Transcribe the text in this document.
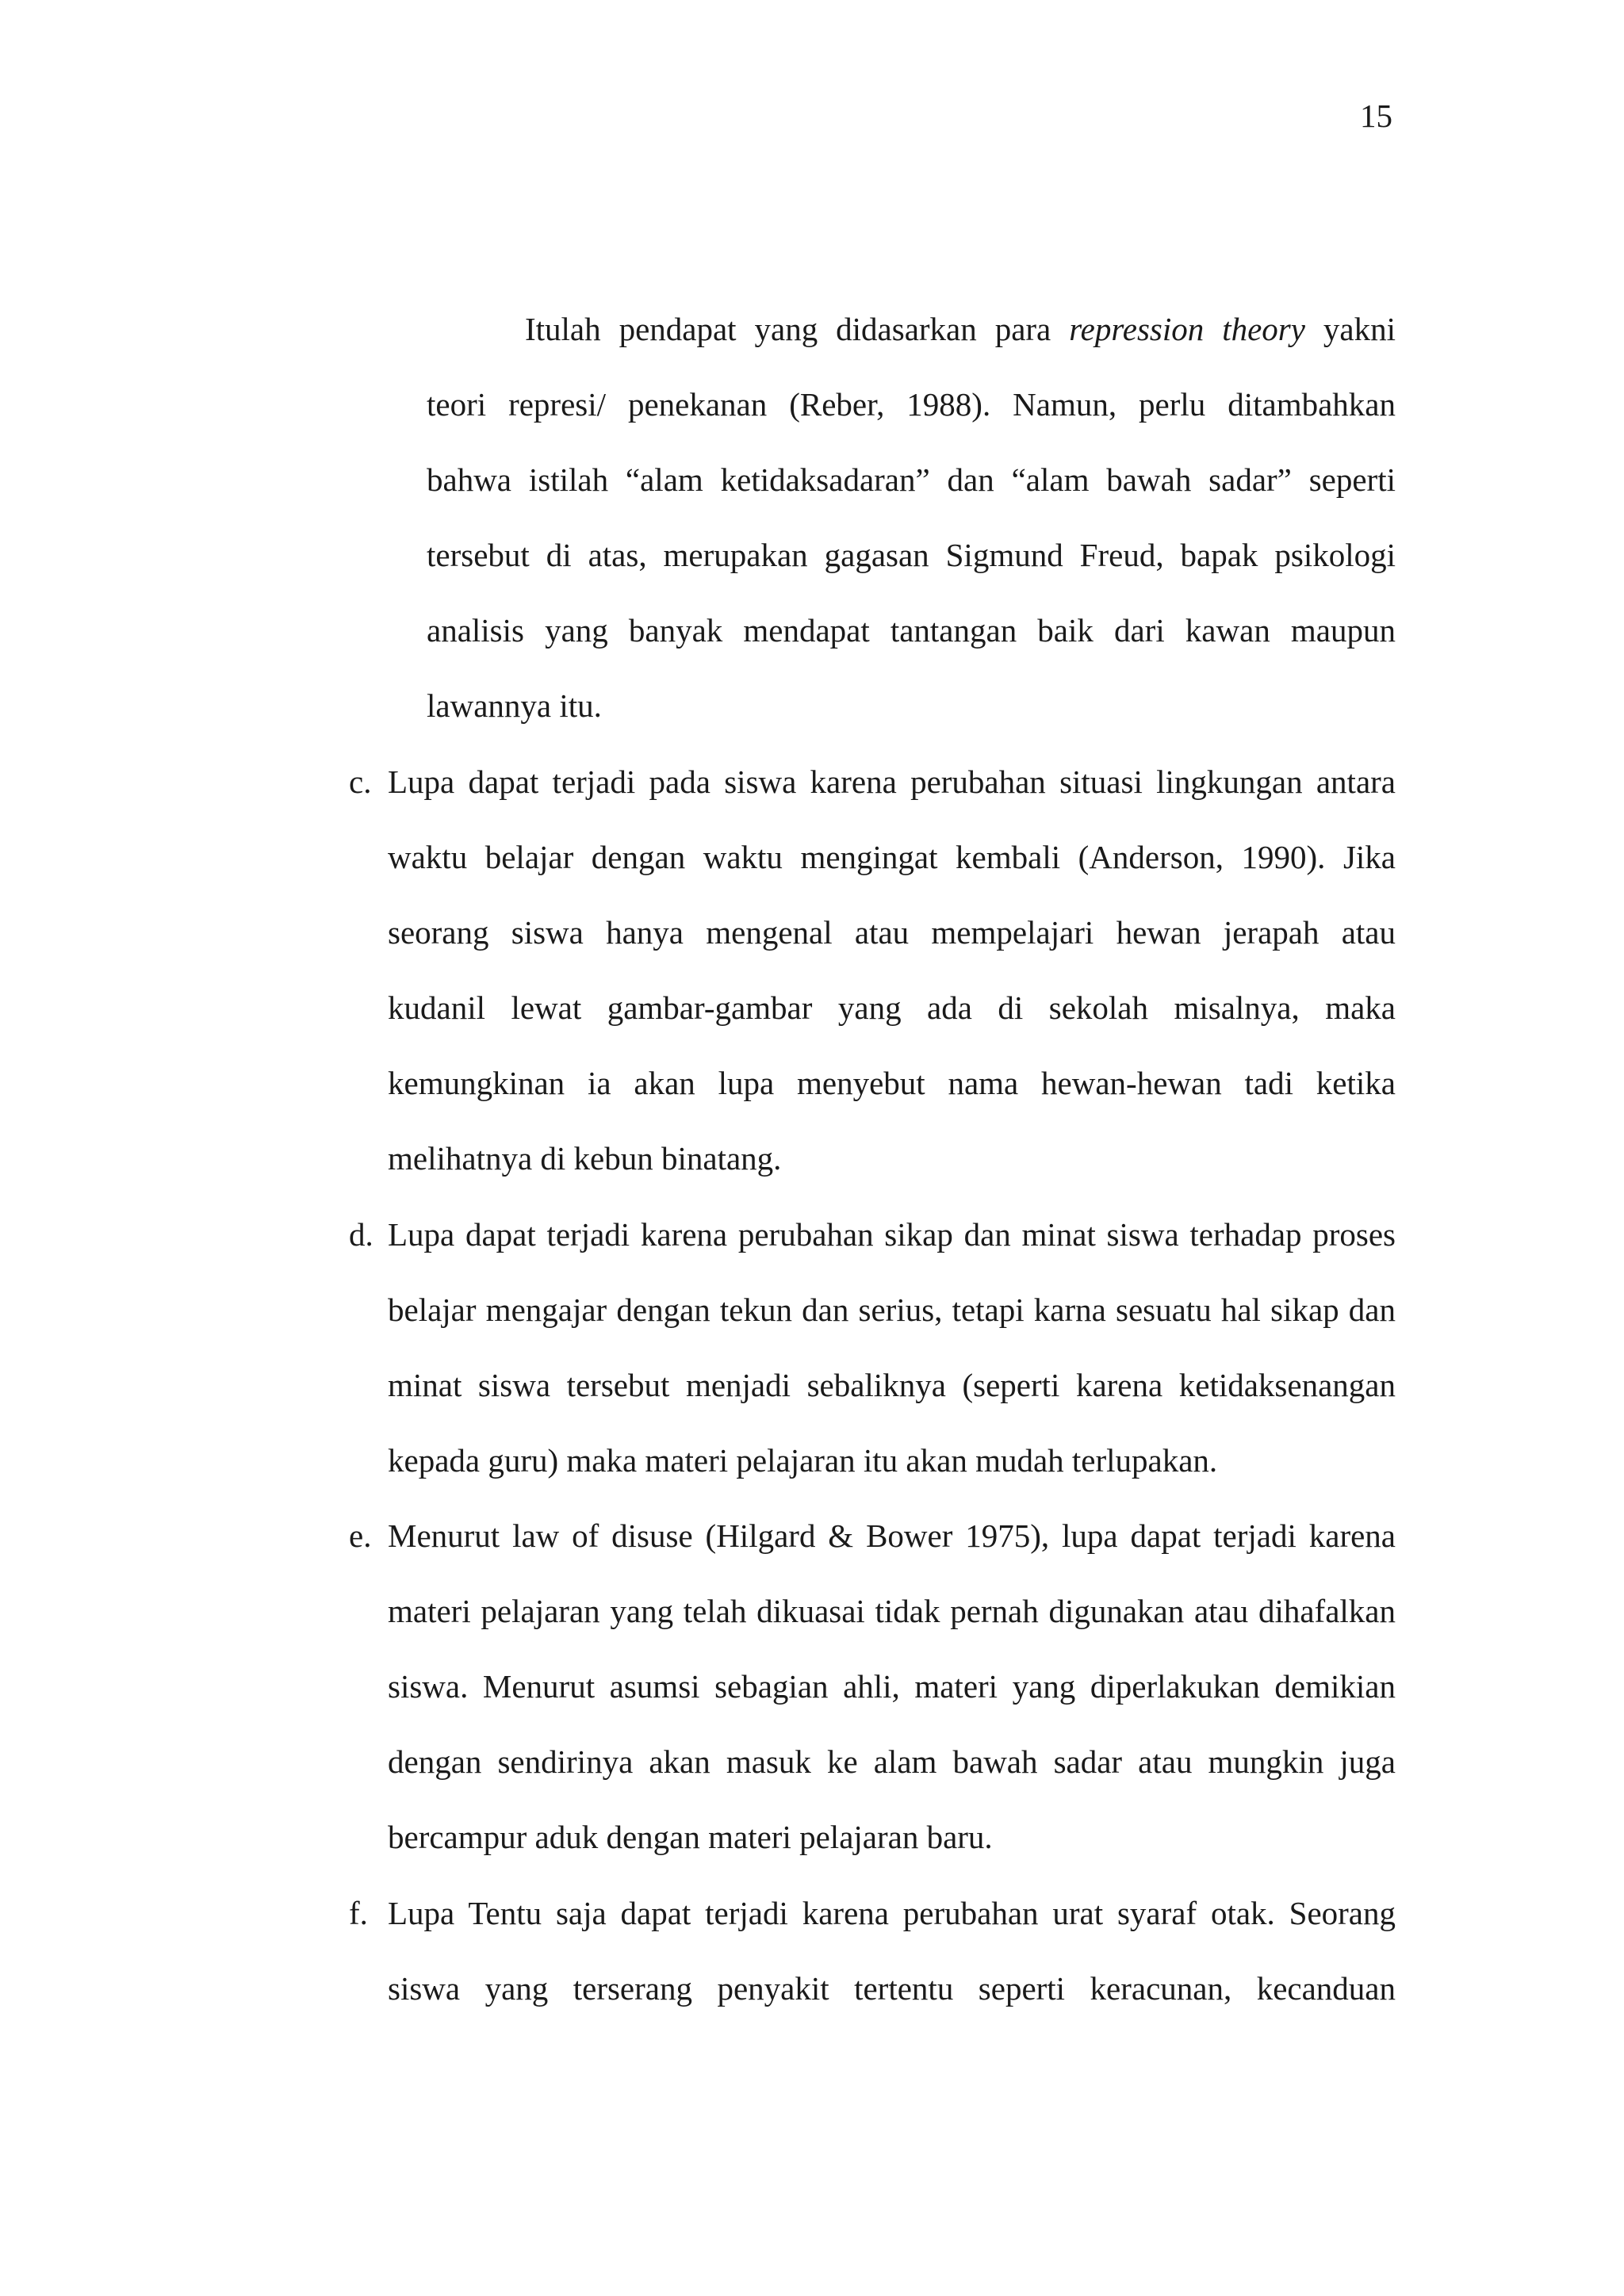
15
Itulah pendapat yang didasarkan para repression theory yakni
teori represi/ penekanan (Reber, 1988). Namun, perlu ditambahkan
bahwa istilah “alam ketidaksadaran” dan “alam bawah sadar” seperti
tersebut di atas, merupakan gagasan Sigmund Freud, bapak psikologi
analisis yang banyak mendapat tantangan baik dari kawan maupun
lawannya itu.
c. Lupa dapat terjadi pada siswa karena perubahan situasi lingkungan antara
waktu belajar dengan waktu mengingat kembali (Anderson, 1990). Jika
seorang siswa hanya mengenal atau mempelajari hewan jerapah atau
kudanil lewat gambar-gambar yang ada di sekolah misalnya, maka
kemungkinan ia akan lupa menyebut nama hewan-hewan tadi ketika
melihatnya di kebun binatang.
d. Lupa dapat terjadi karena perubahan sikap dan minat siswa terhadap proses
belajar mengajar dengan tekun dan serius, tetapi karna sesuatu hal sikap dan
minat siswa tersebut menjadi sebaliknya (seperti karena ketidaksenangan
kepada guru) maka materi pelajaran itu akan mudah terlupakan.
e. Menurut law of disuse (Hilgard & Bower 1975), lupa dapat terjadi karena
materi pelajaran yang telah dikuasai tidak pernah digunakan atau dihafalkan
siswa. Menurut asumsi sebagian ahli, materi yang diperlakukan demikian
dengan sendirinya akan masuk ke alam bawah sadar atau mungkin juga
bercampur aduk dengan materi pelajaran baru.
f. Lupa Tentu saja dapat terjadi karena perubahan urat syaraf otak. Seorang
siswa yang terserang penyakit tertentu seperti keracunan, kecanduan
